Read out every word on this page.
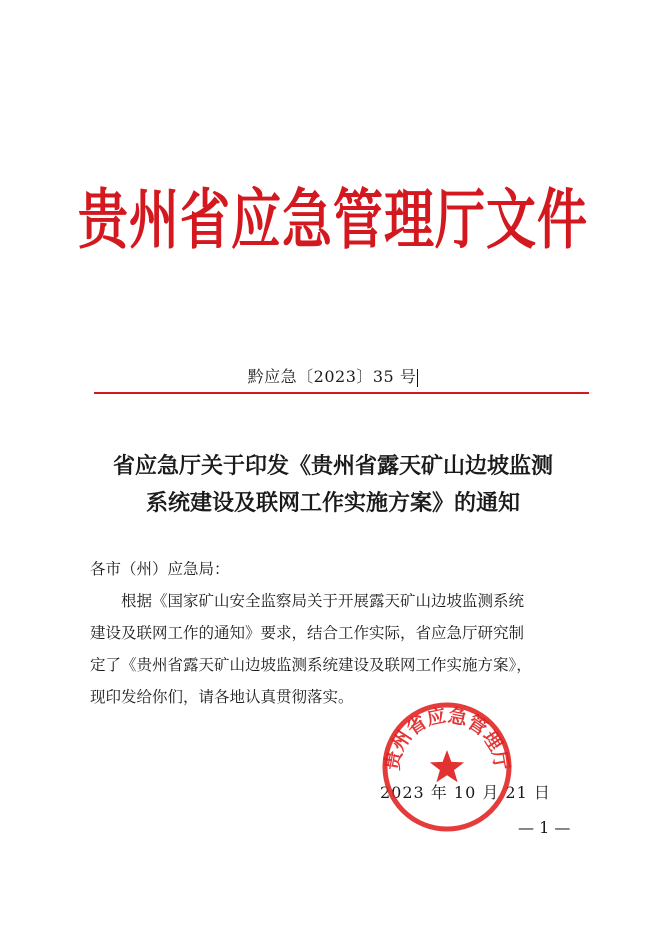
贵州省应急管理厅文件
黔应急〔2023〕35 号
省应急厅关于印发《贵州省露天矿山边坡监测
系统建设及联网工作实施方案》的通知

各市（州）应急局：

根据《国家矿山安全监察局关于开展露天矿山边坡监测系统

建设及联网工作的通知》要求，结合工作实际，省应急厅研究制

定了《贵州省露天矿山边坡监测系统建设及联网工作实施方案》，

现印发给你们，请各地认真贯彻落实。

2023 年 10 月 21 日
贵州省应急管理厅
— 1 —
